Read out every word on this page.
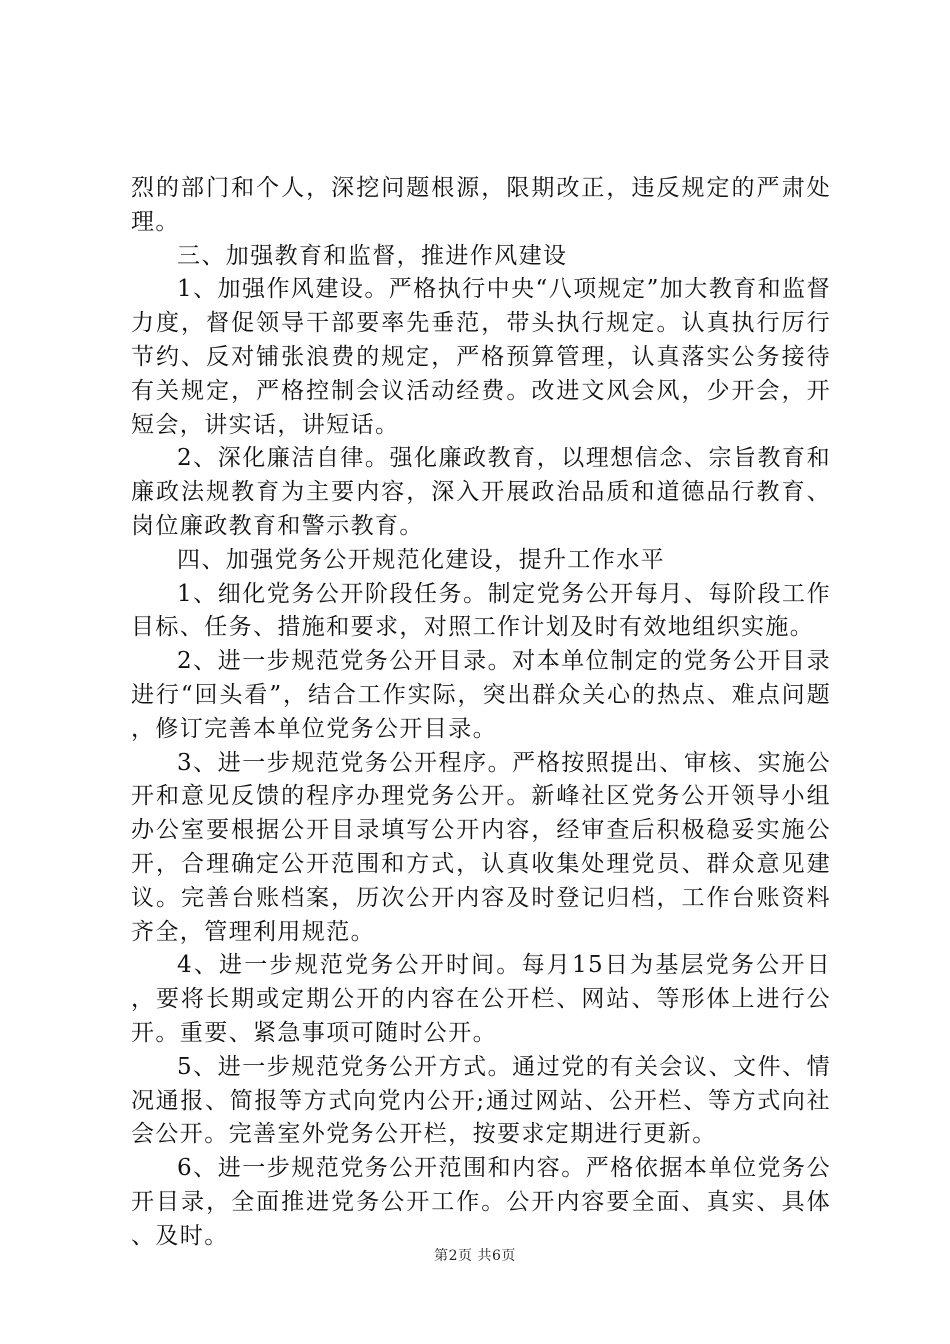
烈的部门和个人，深挖问题根源，限期改正，违反规定的严肃处理。

三、加强教育和监督，推进作风建设

1、加强作风建设。严格执行中央“八项规定”加大教育和监督力度，督促领导干部要率先垂范，带头执行规定。认真执行厉行节约、反对铺张浪费的规定，严格预算管理，认真落实公务接待有关规定，严格控制会议活动经费。改进文风会风，少开会，开短会，讲实话，讲短话。

2、深化廉洁自律。强化廉政教育，以理想信念、宗旨教育和廉政法规教育为主要内容，深入开展政治品质和道德品行教育、岗位廉政教育和警示教育。

四、加强党务公开规范化建设，提升工作水平

1、细化党务公开阶段任务。制定党务公开每月、每阶段工作目标、任务、措施和要求，对照工作计划及时有效地组织实施。

2、进一步规范党务公开目录。对本单位制定的党务公开目录进行“回头看”，结合工作实际，突出群众关心的热点、难点问题，修订完善本单位党务公开目录。

3、进一步规范党务公开程序。严格按照提出、审核、实施公开和意见反馈的程序办理党务公开。新峰社区党务公开领导小组办公室要根据公开目录填写公开内容，经审查后积极稳妥实施公开，合理确定公开范围和方式，认真收集处理党员、群众意见建议。完善台账档案，历次公开内容及时登记归档，工作台账资料齐全，管理利用规范。

4、进一步规范党务公开时间。每月15日为基层党务公开日，要将长期或定期公开的内容在公开栏、网站、等形体上进行公开。重要、紧急事项可随时公开。

5、进一步规范党务公开方式。通过党的有关会议、文件、情况通报、简报等方式向党内公开;通过网站、公开栏、等方式向社会公开。完善室外党务公开栏，按要求定期进行更新。

6、进一步规范党务公开范围和内容。严格依据本单位党务公开目录，全面推进党务公开工作。公开内容要全面、真实、具体、及时。

第2页 共6页
